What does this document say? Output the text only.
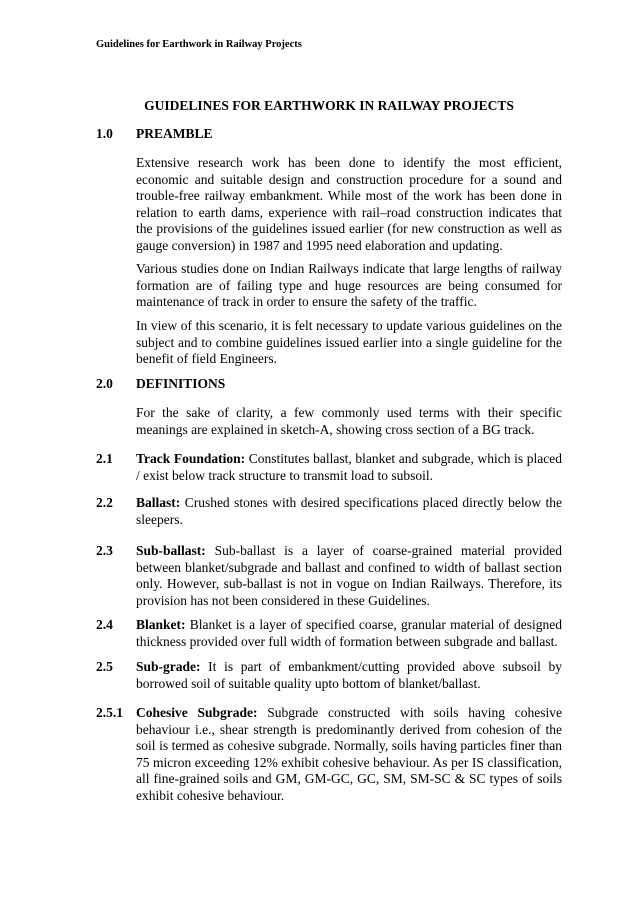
Guidelines for Earthwork in Railway Projects
GUIDELINES FOR EARTHWORK IN RAILWAY PROJECTS
1.0 PREAMBLE
Extensive research work has been done to identify the most efficient, economic and suitable design and construction procedure for a sound and trouble-free railway embankment. While most of the work has been done in relation to earth dams, experience with rail–road construction indicates that the provisions of the guidelines issued earlier (for new construction as well as gauge conversion) in 1987 and 1995 need elaboration and updating.
Various studies done on Indian Railways indicate that large lengths of railway formation are of failing type and huge resources are being consumed for maintenance of track in order to ensure the safety of the traffic.
In view of this scenario, it is felt necessary to update various guidelines on the subject and to combine guidelines issued earlier into a single guideline for the benefit of field Engineers.
2.0 DEFINITIONS
For the sake of clarity, a few commonly used terms with their specific meanings are explained in sketch-A, showing cross section of a BG track.
2.1 Track Foundation: Constitutes ballast, blanket and subgrade, which is placed / exist below track structure to transmit load to subsoil.
2.2 Ballast: Crushed stones with desired specifications placed directly below the sleepers.
2.3 Sub-ballast: Sub-ballast is a layer of coarse-grained material provided between blanket/subgrade and ballast and confined to width of ballast section only. However, sub-ballast is not in vogue on Indian Railways. Therefore, its provision has not been considered in these Guidelines.
2.4 Blanket: Blanket is a layer of specified coarse, granular material of designed thickness provided over full width of formation between subgrade and ballast.
2.5 Sub-grade: It is part of embankment/cutting provided above subsoil by borrowed soil of suitable quality upto bottom of blanket/ballast.
2.5.1 Cohesive Subgrade: Subgrade constructed with soils having cohesive behaviour i.e., shear strength is predominantly derived from cohesion of the soil is termed as cohesive subgrade. Normally, soils having particles finer than 75 micron exceeding 12% exhibit cohesive behaviour. As per IS classification, all fine-grained soils and GM, GM-GC, GC, SM, SM-SC & SC types of soils exhibit cohesive behaviour.
